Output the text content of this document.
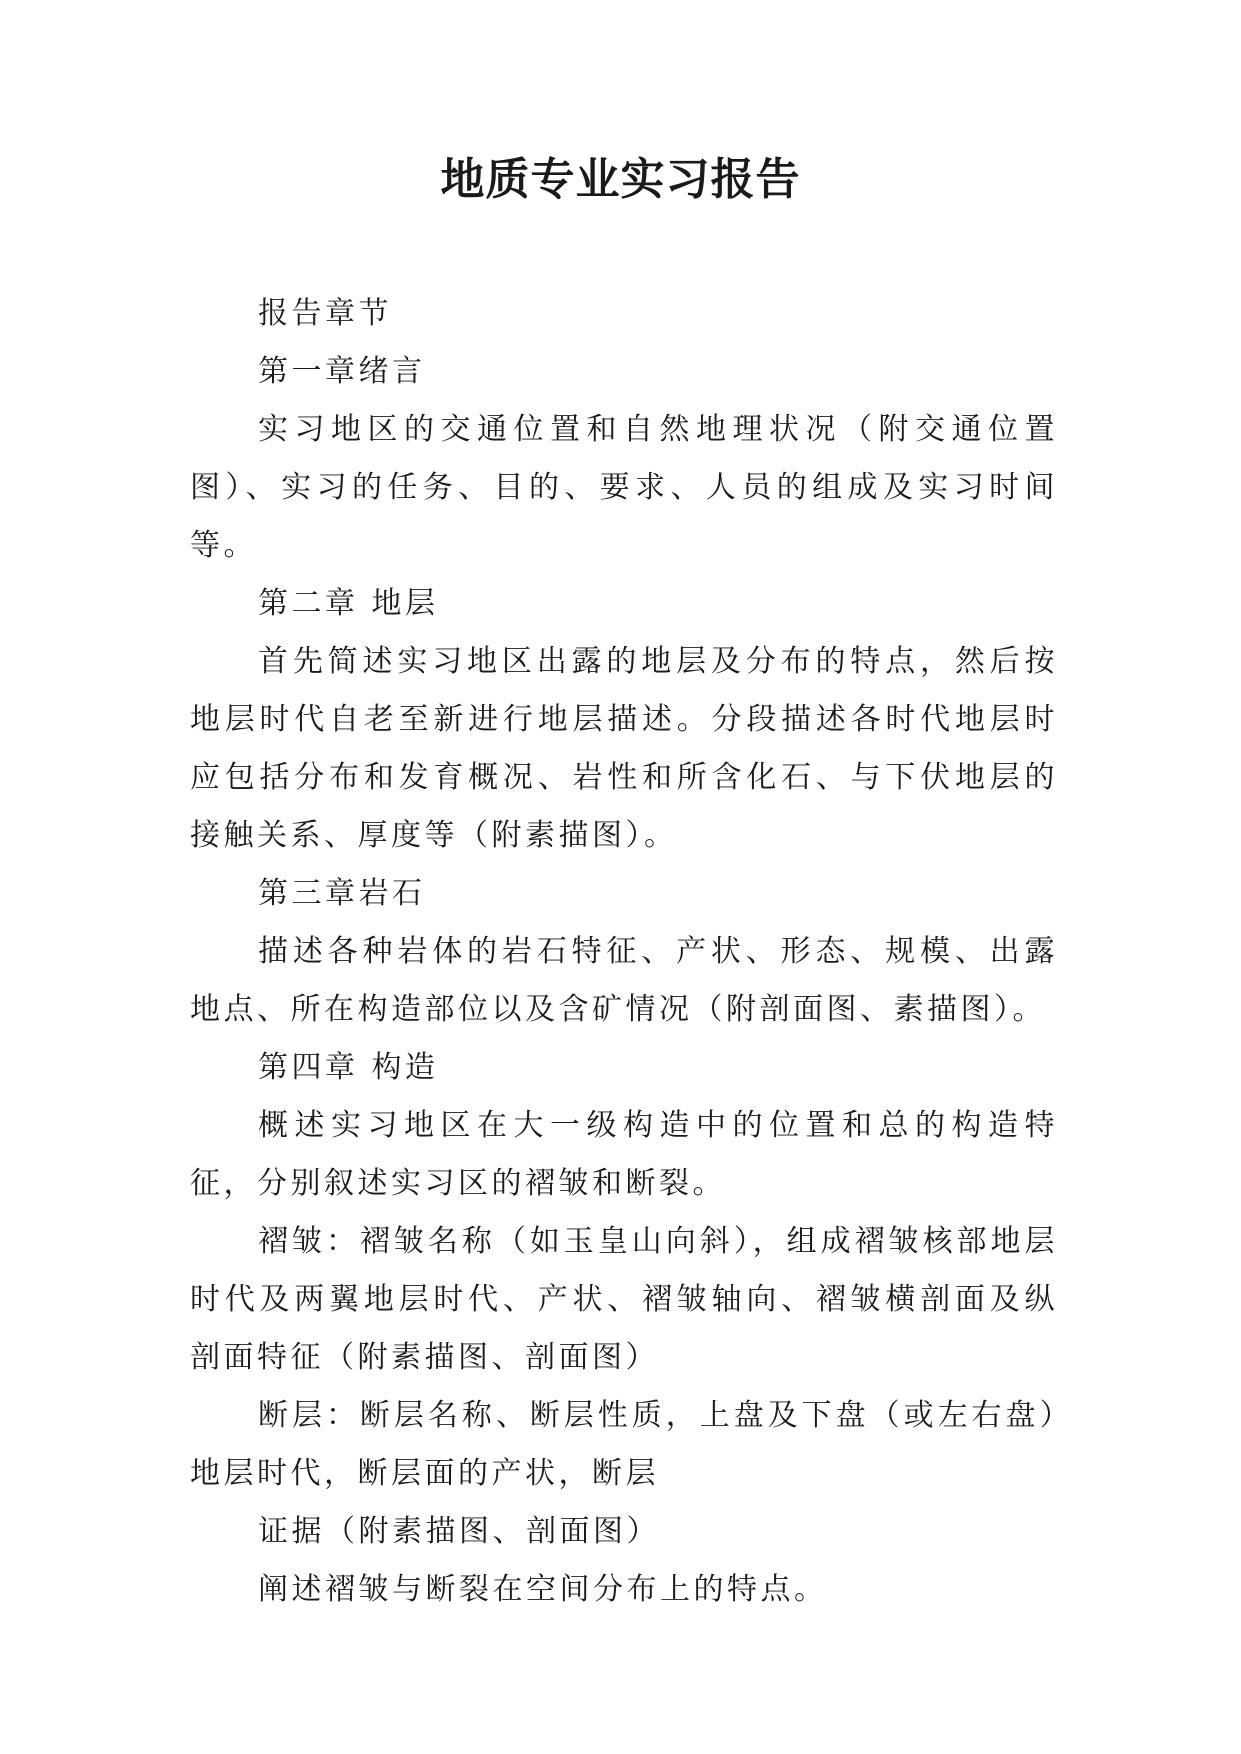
地质专业实习报告

报告章节

第一章绪言

实习地区的交通位置和自然地理状况（附交通位置图）、实习的任务、目的、要求、人员的组成及实习时间等。

第二章 地层

首先简述实习地区出露的地层及分布的特点，然后按地层时代自老至新进行地层描述。分段描述各时代地层时应包括分布和发育概况、岩性和所含化石、与下伏地层的接触关系、厚度等（附素描图）。

第三章岩石

描述各种岩体的岩石特征、产状、形态、规模、出露地点、所在构造部位以及含矿情况（附剖面图、素描图）。

第四章 构造

概述实习地区在大一级构造中的位置和总的构造特征，分别叙述实习区的褶皱和断裂。

褶皱：褶皱名称（如玉皇山向斜），组成褶皱核部地层时代及两翼地层时代、产状、褶皱轴向、褶皱横剖面及纵剖面特征（附素描图、剖面图）

断层：断层名称、断层性质，上盘及下盘（或左右盘）地层时代，断层面的产状，断层

证据（附素描图、剖面图）

阐述褶皱与断裂在空间分布上的特点。
